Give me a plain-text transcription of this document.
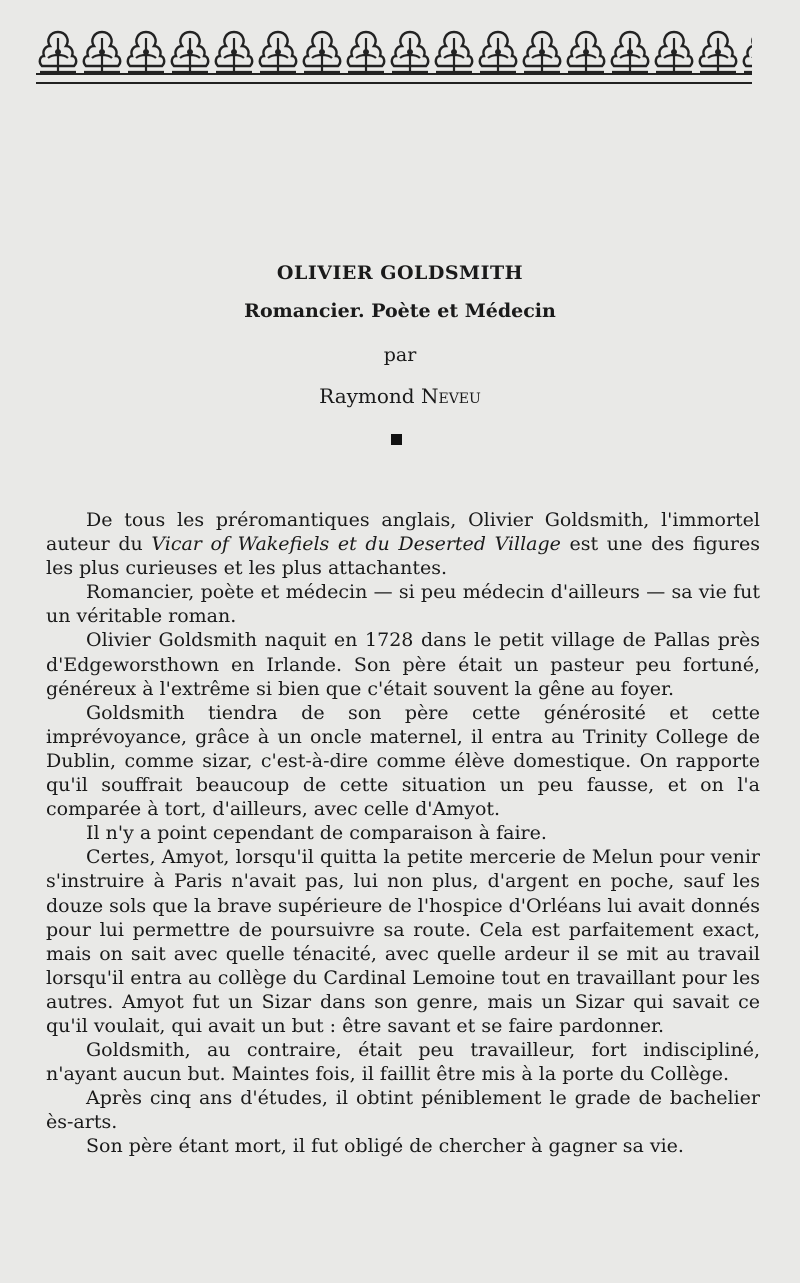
OLIVIER GOLDSMITH
Romancier. Poète et Médecin
par
Raymond Neveu

De tous les préromantiques anglais, Olivier Goldsmith, l'immortel auteur du Vicar of Wakefiels et du Deserted Village est une des figures les plus curieuses et les plus attachantes.

Romancier, poète et médecin — si peu médecin d'ailleurs — sa vie fut un véritable roman.

Olivier Goldsmith naquit en 1728 dans le petit village de Pallas près d'Edgeworsthown en Irlande. Son père était un pasteur peu fortuné, généreux à l'extrême si bien que c'était souvent la gêne au foyer.

Goldsmith tiendra de son père cette générosité et cette imprévoyance, grâce à un oncle maternel, il entra au Trinity College de Dublin, comme sizar, c'est-à-dire comme élève domestique. On rapporte qu'il souffrait beaucoup de cette situation un peu fausse, et on l'a comparée à tort, d'ailleurs, avec celle d'Amyot.

Il n'y a point cependant de comparaison à faire.

Certes, Amyot, lorsqu'il quitta la petite mercerie de Melun pour venir s'instruire à Paris n'avait pas, lui non plus, d'argent en poche, sauf les douze sols que la brave supérieure de l'hospice d'Orléans lui avait donnés pour lui permettre de poursuivre sa route. Cela est parfaitement exact, mais on sait avec quelle ténacité, avec quelle ardeur il se mit au travail lorsqu'il entra au collège du Cardinal Lemoine tout en travaillant pour les autres. Amyot fut un Sizar dans son genre, mais un Sizar qui savait ce qu'il voulait, qui avait un but : être savant et se faire pardonner.

Goldsmith, au contraire, était peu travailleur, fort indiscipliné, n'ayant aucun but. Maintes fois, il faillit être mis à la porte du Collège.

Après cinq ans d'études, il obtint péniblement le grade de bachelier ès-arts.

Son père étant mort, il fut obligé de chercher à gagner sa vie.
